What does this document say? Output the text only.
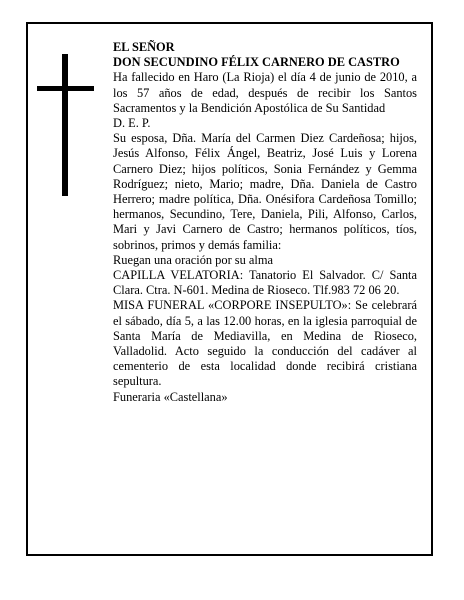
EL SEÑOR

DON SECUNDINO FÉLIX CARNERO DE CASTRO

Ha fallecido en Haro (La Rioja) el día 4 de junio de 2010, a los 57 años de edad, después de recibir los Santos Sacramentos y la Bendición Apostólica de Su Santidad

D. E. P.

Su esposa, Dña. María del Carmen Diez Cardeñosa; hijos, Jesús Alfonso, Félix Ángel, Beatriz, José Luis y Lorena Carnero Diez; hijos políticos, Sonia Fernández y Gemma Rodríguez; nieto, Mario; madre, Dña. Daniela de Castro Herrero; madre política, Dña. Onésifora Cardeñosa Tomillo; hermanos, Secundino, Tere, Daniela, Pili, Alfonso, Carlos, Mari y Javi Carnero de Castro; hermanos políticos, tíos, sobrinos, primos y demás familia:

Ruegan una oración por su alma

CAPILLA VELATORIA: Tanatorio El Salvador. C/ Santa Clara. Ctra. N-601. Medina de Rioseco. Tlf.983 72 06 20.

MISA FUNERAL «CORPORE INSEPULTO»: Se celebrará el sábado, día 5, a las 12.00 horas, en la iglesia parroquial de Santa María de Mediavilla, en Medina de Rioseco, Valladolid. Acto seguido la conducción del cadáver al cementerio de esta localidad donde recibirá cristiana sepultura.

Funeraria «Castellana»
